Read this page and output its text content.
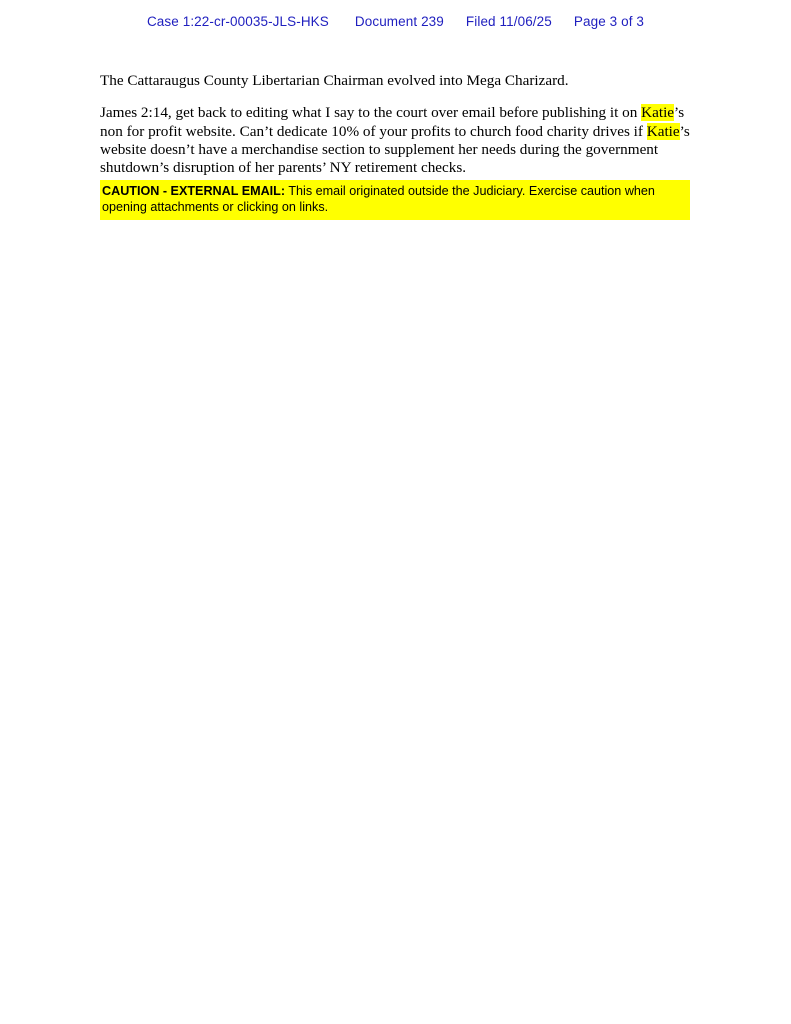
Case 1:22-cr-00035-JLS-HKS Document 239 Filed 11/06/25 Page 3 of 3

The Cattaraugus County Libertarian Chairman evolved into Mega Charizard.

James 2:14, get back to editing what I say to the court over email before publishing it on Katie’s non for profit website. Can’t dedicate 10% of your profits to church food charity drives if Katie’s website doesn’t have a merchandise section to supplement her needs during the government shutdown’s disruption of her parents’ NY retirement checks.

CAUTION - EXTERNAL EMAIL: This email originated outside the Judiciary. Exercise caution when opening attachments or clicking on links.
